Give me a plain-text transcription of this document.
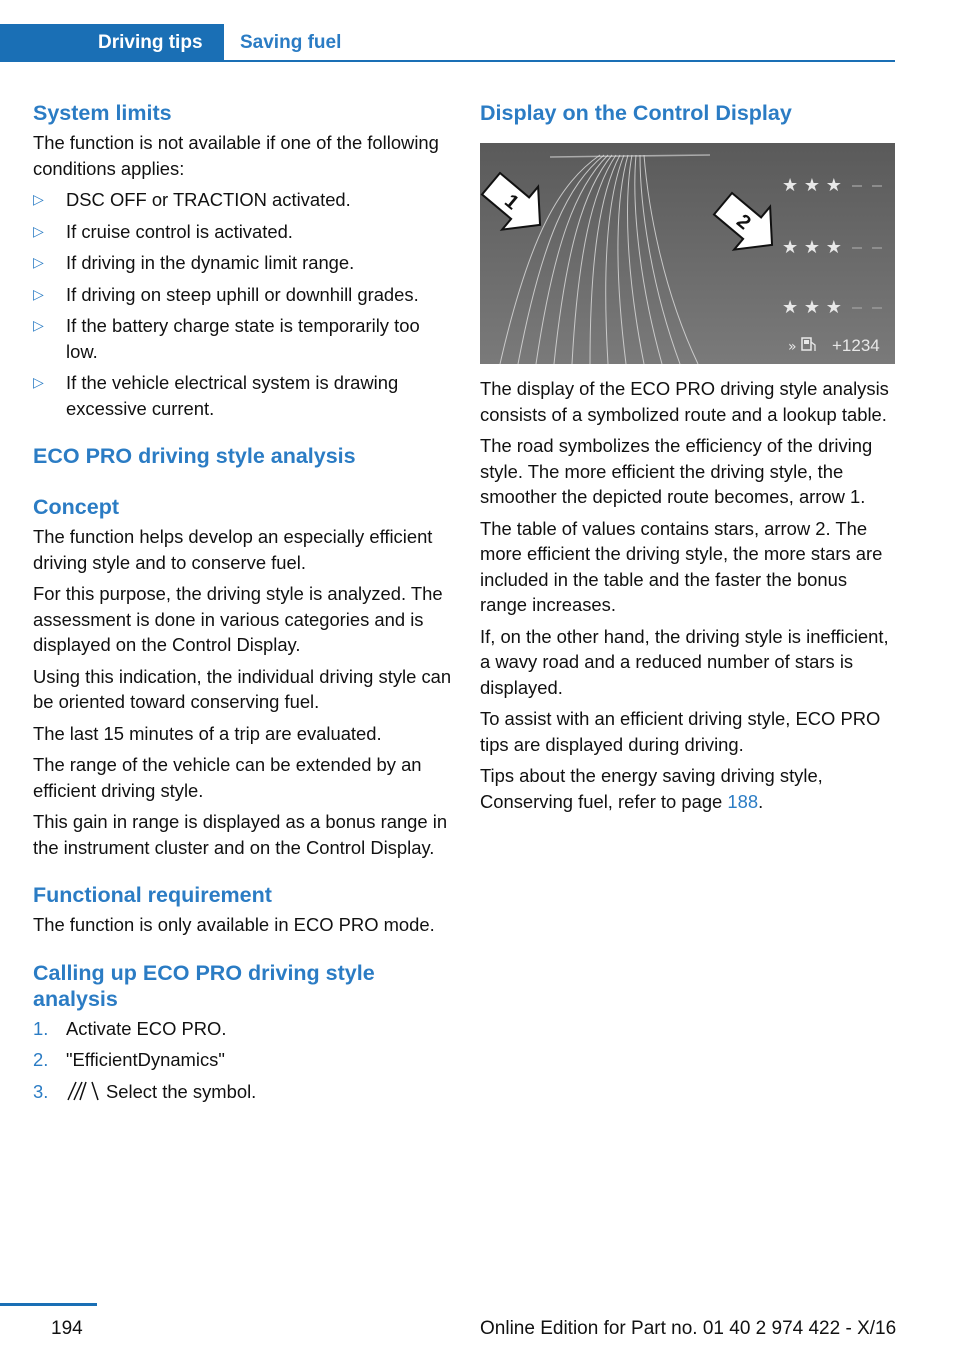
Driving tips	Saving fuel
System limits

The function is not available if one of the following conditions applies:

▷ DSC OFF or TRACTION activated.
▷ If cruise control is activated.
▷ If driving in the dynamic limit range.
▷ If driving on steep uphill or downhill grades.
▷ If the battery charge state is temporarily too low.
▷ If the vehicle electrical system is drawing excessive current.
ECO PRO driving style analysis
Concept

The function helps develop an especially efficient driving style and to conserve fuel.

For this purpose, the driving style is analyzed. The assessment is done in various categories and is displayed on the Control Display.

Using this indication, the individual driving style can be oriented toward conserving fuel.

The last 15 minutes of a trip are evaluated.

The range of the vehicle can be extended by an efficient driving style.

This gain in range is displayed as a bonus range in the instrument cluster and on the Control Display.

Functional requirement

The function is only available in ECO PRO mode.

Calling up ECO PRO driving style analysis
1. Activate ECO PRO.
2. "EfficientDynamics"
3.	Select the symbol.
Display on the Control Display
1
2
★ ★ ★
★ ★ ★
★ ★ ★
» +1234

The display of the ECO PRO driving style analysis consists of a symbolized route and a lookup table.

The road symbolizes the efficiency of the driving style. The more efficient the driving style, the smoother the depicted route becomes, arrow 1.

The table of values contains stars, arrow 2. The more efficient the driving style, the more stars are included in the table and the faster the bonus range increases.

If, on the other hand, the driving style is inefficient, a wavy road and a reduced number of stars is displayed.

To assist with an efficient driving style, ECO PRO tips are displayed during driving.

Tips about the energy saving driving style, Conserving fuel, refer to page 188.

194	Online Edition for Part no. 01 40 2 974 422 - X/16
